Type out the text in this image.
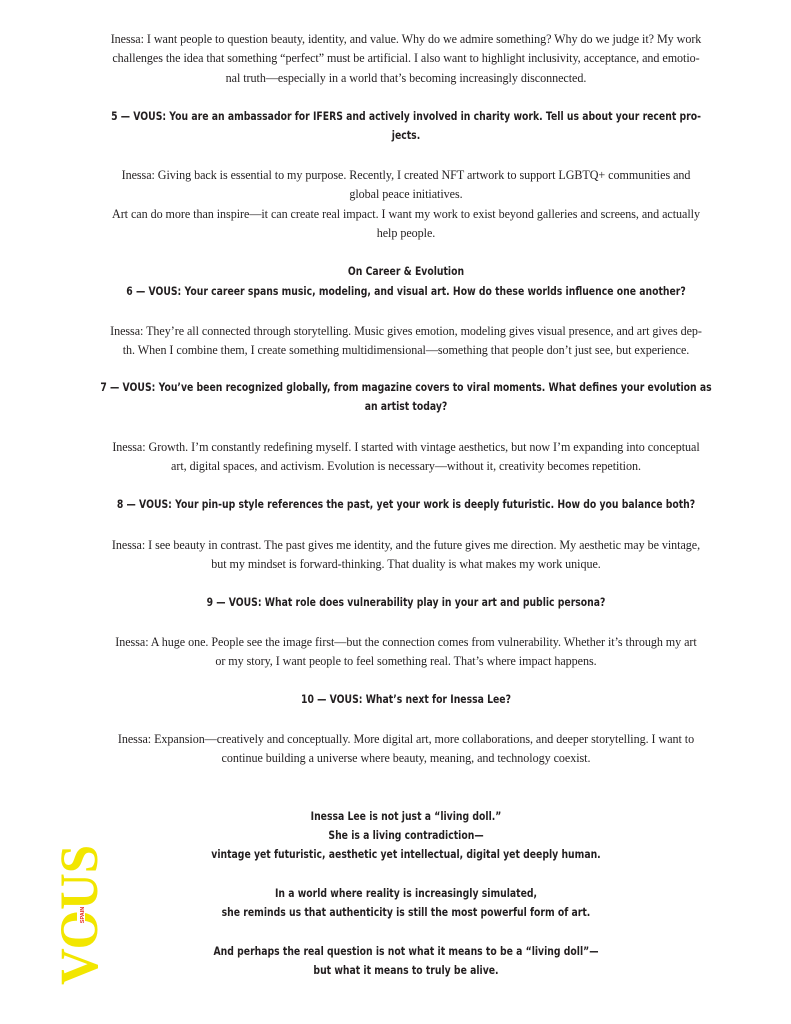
Inessa: I want people to question beauty, identity, and value. Why do we admire something? Why do we judge it? My work
challenges the idea that something “perfect” must be artificial. I also want to highlight inclusivity, acceptance, and emotio-
nal truth—especially in a world that’s becoming increasingly disconnected.
5 — VOUS: You are an ambassador for IFERS and actively involved in charity work. Tell us about your recent pro-
jects.
Inessa: Giving back is essential to my purpose. Recently, I created NFT artwork to support LGBTQ+ communities and
global peace initiatives.
Art can do more than inspire—it can create real impact. I want my work to exist beyond galleries and screens, and actually
help people.
On Career & Evolution
6 — VOUS: Your career spans music, modeling, and visual art. How do these worlds influence one another?
Inessa: They’re all connected through storytelling. Music gives emotion, modeling gives visual presence, and art gives dep-
th. When I combine them, I create something multidimensional—something that people don’t just see, but experience.
7 — VOUS: You’ve been recognized globally, from magazine covers to viral moments. What defines your evolution as
an artist today?
Inessa: Growth. I’m constantly redefining myself. I started with vintage aesthetics, but now I’m expanding into conceptual
art, digital spaces, and activism. Evolution is necessary—without it, creativity becomes repetition.
8 — VOUS: Your pin-up style references the past, yet your work is deeply futuristic. How do you balance both?
Inessa: I see beauty in contrast. The past gives me identity, and the future gives me direction. My aesthetic may be vintage,
but my mindset is forward-thinking. That duality is what makes my work unique.
9 — VOUS: What role does vulnerability play in your art and public persona?
Inessa: A huge one. People see the image first—but the connection comes from vulnerability. Whether it’s through my art
or my story, I want people to feel something real. That’s where impact happens.
10 — VOUS: What’s next for Inessa Lee?
Inessa: Expansion—creatively and conceptually. More digital art, more collaborations, and deeper storytelling. I want to
continue building a universe where beauty, meaning, and technology coexist.
Inessa Lee is not just a “living doll.”
She is a living contradiction—
vintage yet futuristic, aesthetic yet intellectual, digital yet deeply human.
In a world where reality is increasingly simulated,
she reminds us that authenticity is still the most powerful form of art.
And perhaps the real question is not what it means to be a “living doll”—
but what it means to truly be alive.
SPAIN
